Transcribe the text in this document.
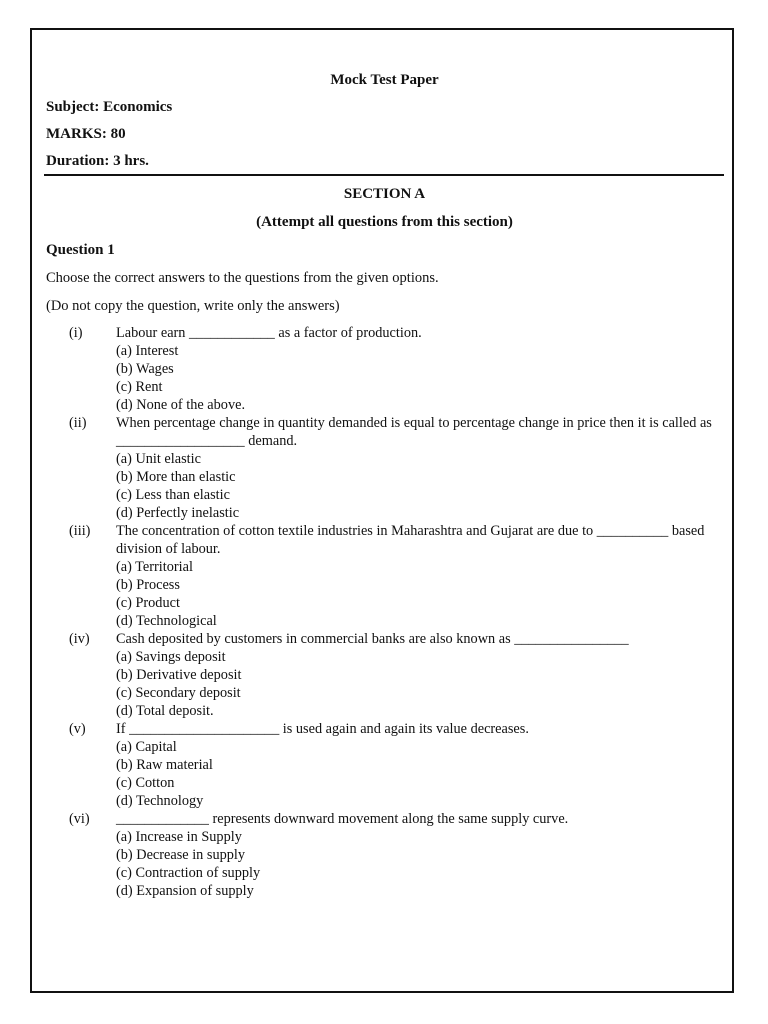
Mock Test Paper
Subject: Economics
MARKS: 80
Duration: 3 hrs.
SECTION A
(Attempt all questions from this section)
Question 1
Choose the correct answers to the questions from the given options.
(Do not copy the question, write only the answers)
(i) Labour earn ____________ as a factor of production.
(a) Interest
(b) Wages
(c) Rent
(d) None of the above.
(ii) When percentage change in quantity demanded is equal to percentage change in price then it is called as __________________ demand.
(a) Unit elastic
(b) More than elastic
(c) Less than elastic
(d) Perfectly inelastic
(iii) The concentration of cotton textile industries in Maharashtra and Gujarat are due to __________ based division of labour.
(a) Territorial
(b) Process
(c) Product
(d) Technological
(iv) Cash deposited by customers in commercial banks are also known as ________________
(a) Savings deposit
(b) Derivative deposit
(c) Secondary deposit
(d) Total deposit.
(v) If _____________________ is used again and again its value decreases.
(a) Capital
(b) Raw material
(c) Cotton
(d) Technology
(vi) _____________ represents downward movement along the same supply curve.
(a) Increase in Supply
(b) Decrease in supply
(c) Contraction of supply
(d) Expansion of supply
